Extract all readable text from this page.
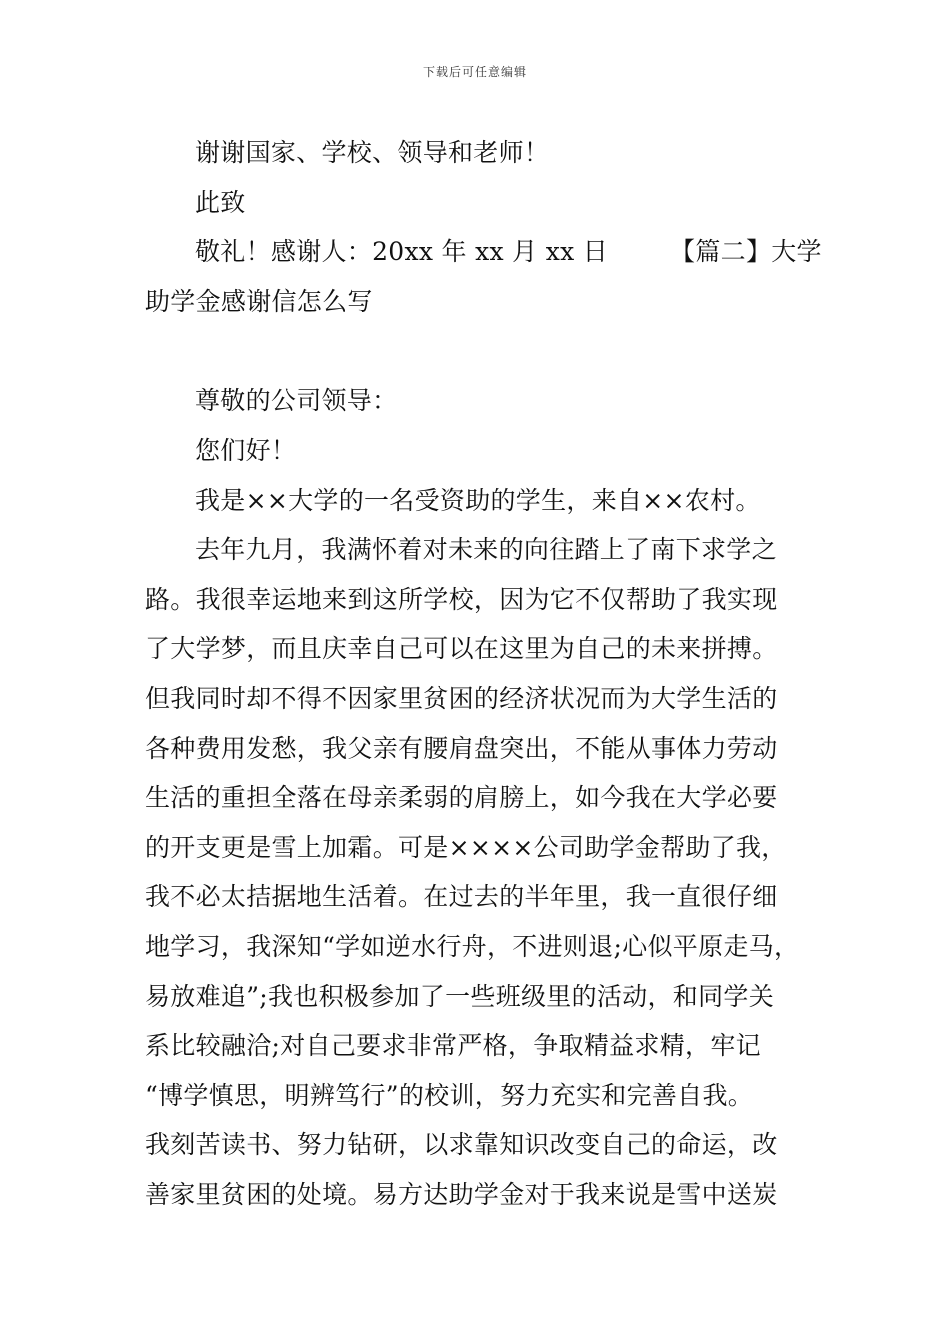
下载后可任意编辑
谢谢国家、学校、领导和老师！
此致
敬礼！感谢人：20xx 年 xx 月 xx 日 【篇二】大学
助学金感谢信怎么写
尊敬的公司领导：
您们好！
我是××大学的一名受资助的学生，来自××农村。
去年九月，我满怀着对未来的向往踏上了南下求学之
路。我很幸运地来到这所学校，因为它不仅帮助了我实现
了大学梦，而且庆幸自己可以在这里为自己的未来拼搏。
但我同时却不得不因家里贫困的经济状况而为大学生活的
各种费用发愁，我父亲有腰肩盘突出，不能从事体力劳动
生活的重担全落在母亲柔弱的肩膀上，如今我在大学必要
的开支更是雪上加霜。可是××××公司助学金帮助了我，
我不必太拮据地生活着。在过去的半年里，我一直很仔细
地学习，我深知“学如逆水行舟，不进则退;心似平原走马，
易放难追”;我也积极参加了一些班级里的活动，和同学关
系比较融洽;对自己要求非常严格，争取精益求精，牢记
“博学慎思，明辨笃行”的校训，努力充实和完善自我。
我刻苦读书、努力钻研，以求靠知识改变自己的命运，改
善家里贫困的处境。易方达助学金对于我来说是雪中送炭
